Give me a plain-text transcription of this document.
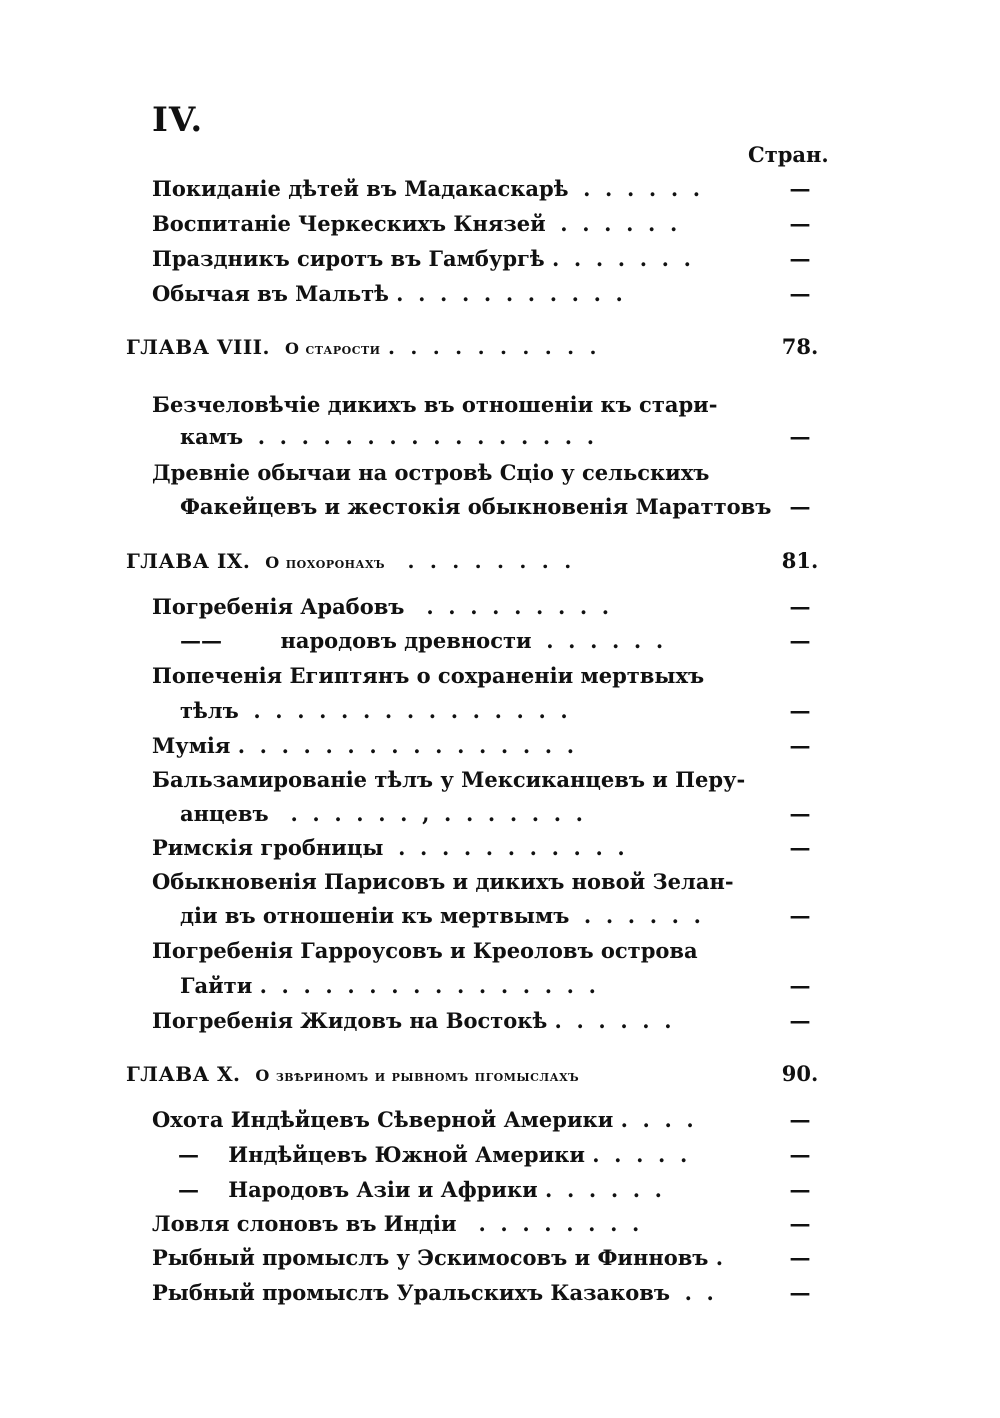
IV.
Стран.
Покиданіе дѣтей въ Мадакаскарѣ  .  .  .  .  .  .	—
Воспитаніе Черкескихъ Князей  .  .  .  .  .  .	—
Праздникъ сиротъ въ Гамбургѣ .  .  .  .  .  .  .	—
Обычая въ Мальтѣ .  .  .  .  .  .  .  .  .  .  .	—
ГЛАВА VIII. О старости .  .  .  .  .  .  .  .  .  .	78.
Безчеловѣчіе дикихъ въ отношеніи къ стари-
камъ  .  .  .  .  .  .  .  .  .  .  .  .  .  .  .  .	—
Древніе обычаи на островѣ Сціо у сельскихъ
Факейцевъ и жестокія обыкновенія Мараттовъ —
ГЛАВА IX. О похоронахъ   .  .  .  .  .  .  .  .	81.
Погребенія Арабовъ   .  .  .  .  .  .  .  .  .	—
——	народовъ древности  .  .  .  .  .  .	—
Попеченія Египтянъ о сохраненіи мертвыхъ
тѣлъ  .  .  .  .  .  .  .  .  .  .  .  .  .  .  .	—
Мумія .  .  .  .  .  .  .  .  .  .  .  .  .  .  .  .	—
Бальзамированіе тѣлъ у Мексиканцевъ и Перу-
анцевъ   .  .  .  .  .  .  ,  .  .  .  .  .  .  .	—
Римскія гробницы  .  .  .  .  .  .  .  .  .  .  .	—
Обыкновенія Парисовъ и дикихъ новой Зелан-
діи въ отношеніи къ мертвымъ  .  .  .  .  .  .	—
Погребенія Гарроусовъ и Креоловъ острова
Гайти .  .  .  .  .  .  .  .  .  .  .  .  .  .  .  .	—
Погребенія Жидовъ на Востокѣ .  .  .  .  .  .	—
ГЛАВА X. О звѣриномъ и рывномъ пгомыслахъ	90.
Охота Индѣйцевъ Сѣверной Америки .  .  .  .	—
— Индѣйцевъ Южной Америки .  .  .  .  .	—
— Народовъ Азіи и Африки .  .  .  .  .  .	—
Ловля слоновъ въ Индіи   .  .  .  .  .  .  .  .	—
Рыбный промыслъ у Эскимосовъ и Финновъ .	—
Рыбный промыслъ Уральскихъ Казаковъ  .  .	—
